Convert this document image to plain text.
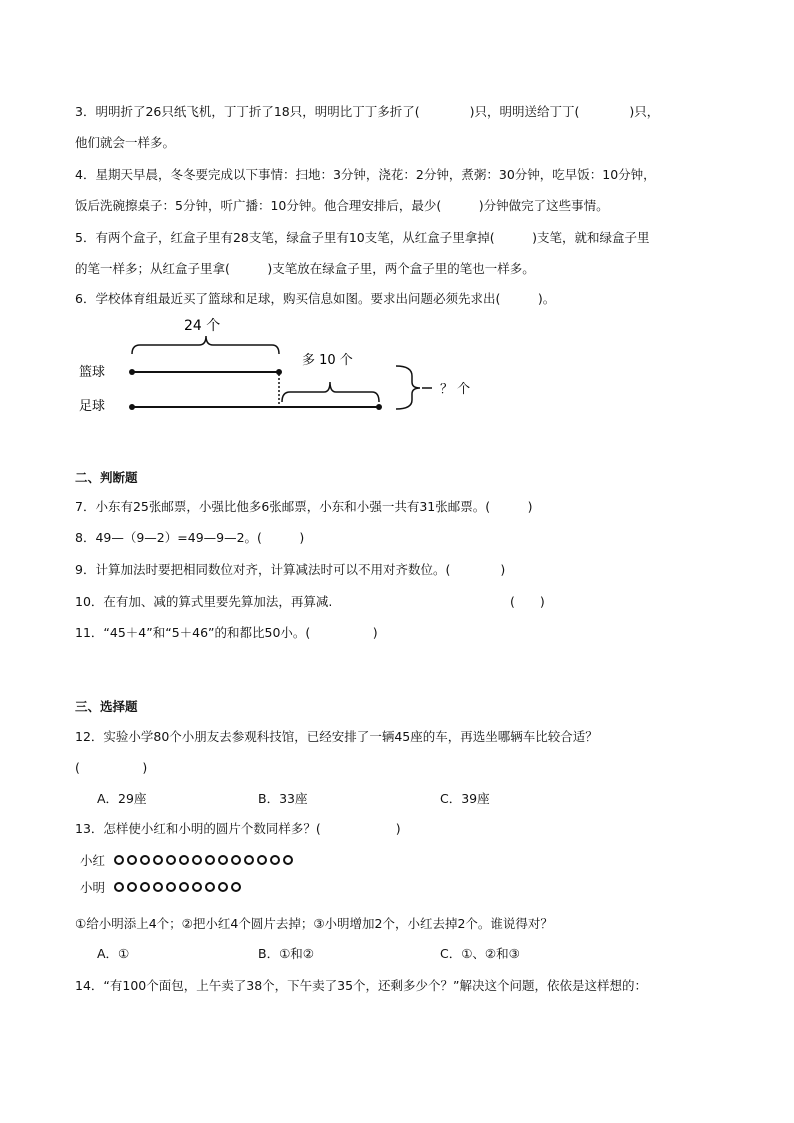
3．明明折了26只纸飞机，丁丁折了18只，明明比丁丁多折了(　　　　)只，明明送给丁丁(　　　　)只，
他们就会一样多。
4．星期天早晨，冬冬要完成以下事情：扫地：3分钟，浇花：2分钟，煮粥：30分钟，吃早饭：10分钟，
饭后洗碗擦桌子：5分钟，听广播：10分钟。他合理安排后，最少(　　　)分钟做完了这些事情。
5．有两个盒子，红盒子里有28支笔，绿盒子里有10支笔，从红盒子里拿掉(　　　)支笔，就和绿盒子里
的笔一样多；从红盒子里拿(　　　)支笔放在绿盒子里，两个盒子里的笔也一样多。
6．学校体育组最近买了篮球和足球，购买信息如图。要求出问题必须先求出(　　　)。
24 个
篮球
多 10 个
足球
？ 个
二、判断题
7．小东有25张邮票，小强比他多6张邮票，小东和小强一共有31张邮票。(　　　)
8．49—（9—2）=49—9—2。(　　　)
9．计算加法时要把相同数位对齐，计算减法时可以不用对齐数位。(　　　　)
10．在有加、减的算式里要先算加法，再算减.	(　　)
11．“45＋4”和“5＋46”的和都比50小。(　　　　　)
三、选择题
12．实验小学80个小朋友去参观科技馆，已经安排了一辆45座的车，再选坐哪辆车比较合适？
(　　　　　)
A．29座	B．33座	C．39座
13．怎样使小红和小明的圆片个数同样多？(　　　　　　)
小红
小明
①给小明添上4个；②把小红4个圆片去掉；③小明增加2个，小红去掉2个。谁说得对？
A．①	B．①和②	C．①、②和③
14．“有100个面包，上午卖了38个，下午卖了35个，还剩多少个？”解决这个问题，依依是这样想的：
